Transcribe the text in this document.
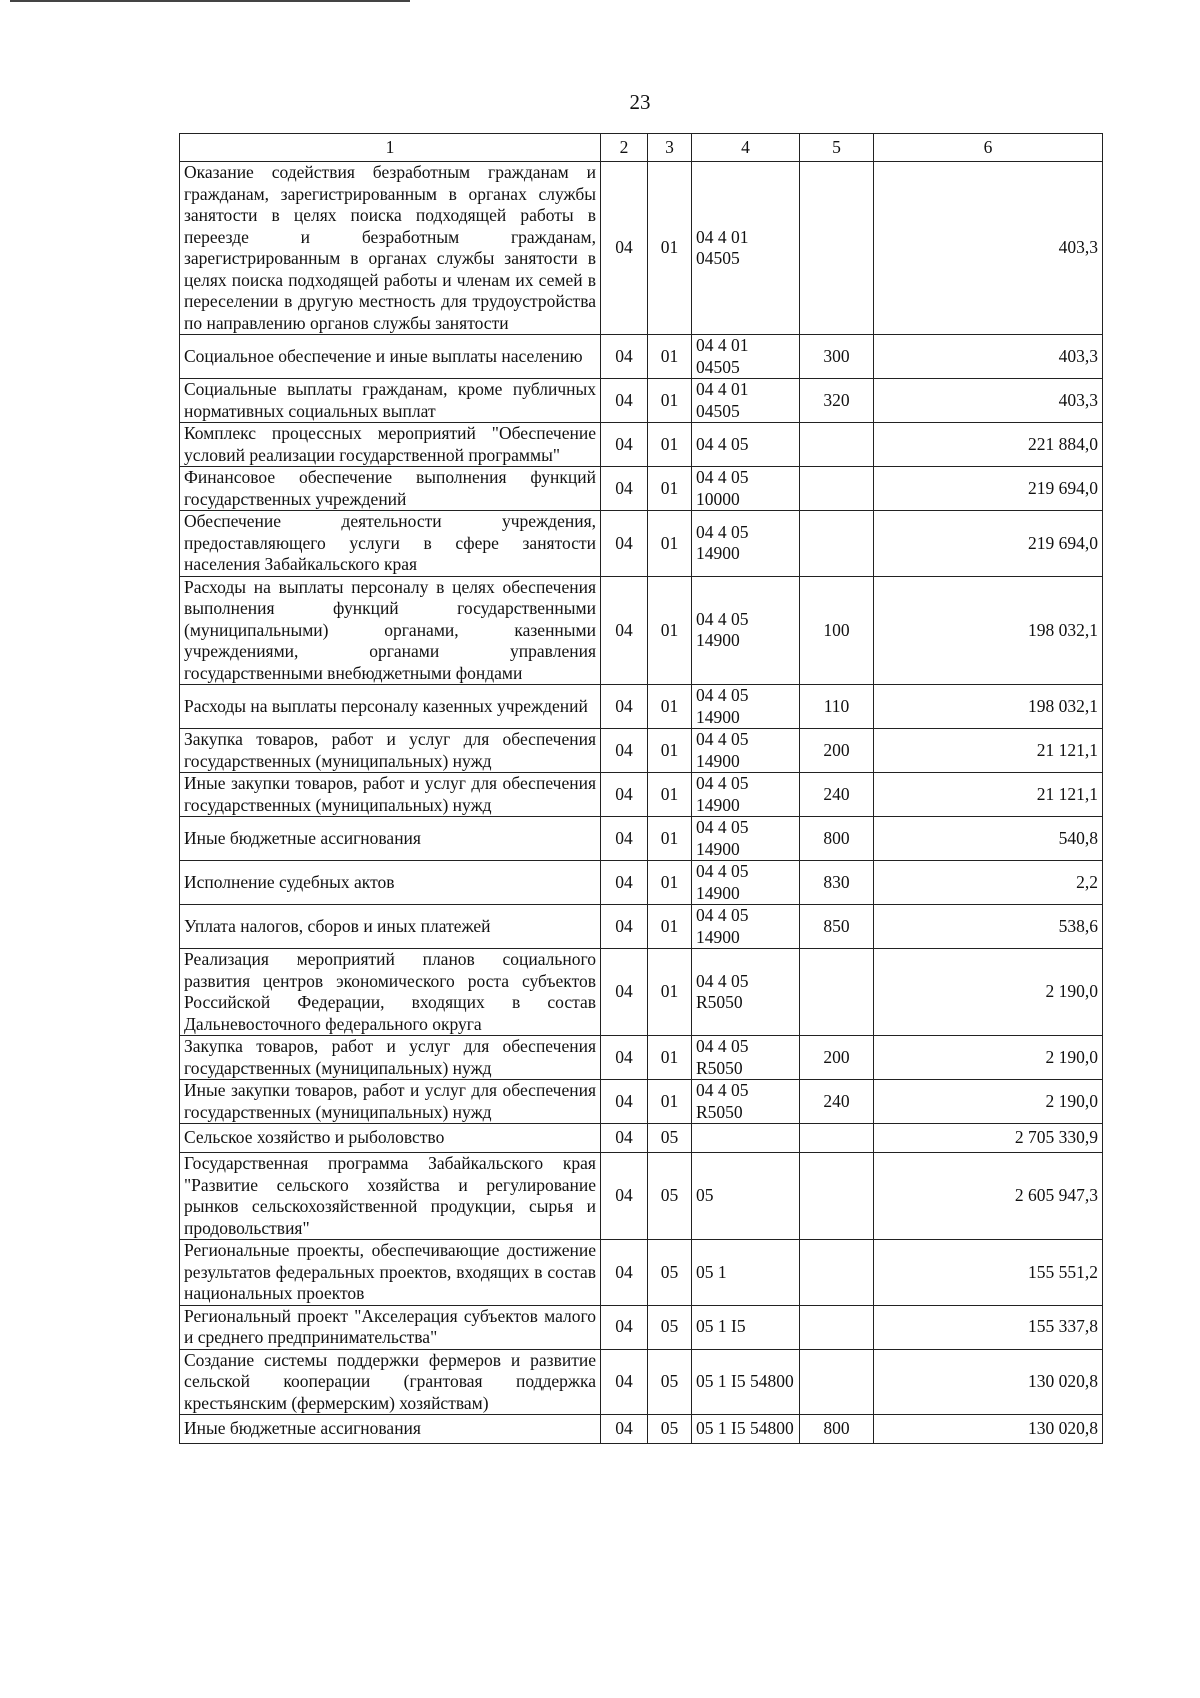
23
1	2	3	4	5	6
Оказание содействия безработным гражданам и гражданам, зарегистрированным в органах службы занятости в целях поиска подходящей работы в переезде и безработным гражданам, зарегистрированным в органах службы занятости в целях поиска подходящей работы и членам их семей в переселении в другую местность для трудоустройства по направлению органов службы занятости	04	01	04 4 01 04505		403,3
Социальное обеспечение и иные выплаты населению	04	01	04 4 01 04505	300	403,3
Социальные выплаты гражданам, кроме публичных нормативных социальных выплат	04	01	04 4 01 04505	320	403,3
Комплекс процессных мероприятий "Обеспечение условий реализации государственной программы"	04	01	04 4 05		221 884,0
Финансовое обеспечение выполнения функций государственных учреждений	04	01	04 4 05 10000		219 694,0
Обеспечение деятельности учреждения, предоставляющего услуги в сфере занятости населения Забайкальского края	04	01	04 4 05 14900		219 694,0
Расходы на выплаты персоналу в целях обеспечения выполнения функций государственными (муниципальными) органами, казенными учреждениями, органами управления государственными внебюджетными фондами	04	01	04 4 05 14900	100	198 032,1
Расходы на выплаты персоналу казенных учреждений	04	01	04 4 05 14900	110	198 032,1
Закупка товаров, работ и услуг для обеспечения государственных (муниципальных) нужд	04	01	04 4 05 14900	200	21 121,1
Иные закупки товаров, работ и услуг для обеспечения государственных (муниципальных) нужд	04	01	04 4 05 14900	240	21 121,1
Иные бюджетные ассигнования	04	01	04 4 05 14900	800	540,8
Исполнение судебных актов	04	01	04 4 05 14900	830	2,2
Уплата налогов, сборов и иных платежей	04	01	04 4 05 14900	850	538,6
Реализация мероприятий планов социального развития центров экономического роста субъектов Российской Федерации, входящих в состав Дальневосточного федерального округа	04	01	04 4 05 R5050		2 190,0
Закупка товаров, работ и услуг для обеспечения государственных (муниципальных) нужд	04	01	04 4 05 R5050	200	2 190,0
Иные закупки товаров, работ и услуг для обеспечения государственных (муниципальных) нужд	04	01	04 4 05 R5050	240	2 190,0
Сельское хозяйство и рыболовство	04	05			2 705 330,9
Государственная программа Забайкальского края "Развитие сельского хозяйства и регулирование рынков сельскохозяйственной продукции, сырья и продовольствия"	04	05	05		2 605 947,3
Региональные проекты, обеспечивающие достижение результатов федеральных проектов, входящих в состав национальных проектов	04	05	05 1		155 551,2
Региональный проект "Акселерация субъектов малого и среднего предпринимательства"	04	05	05 1 I5		155 337,8
Создание системы поддержки фермеров и развитие сельской кооперации (грантовая поддержка крестьянским (фермерским) хозяйствам)	04	05	05 1 I5 54800		130 020,8
Иные бюджетные ассигнования	04	05	05 1 I5 54800	800	130 020,8
